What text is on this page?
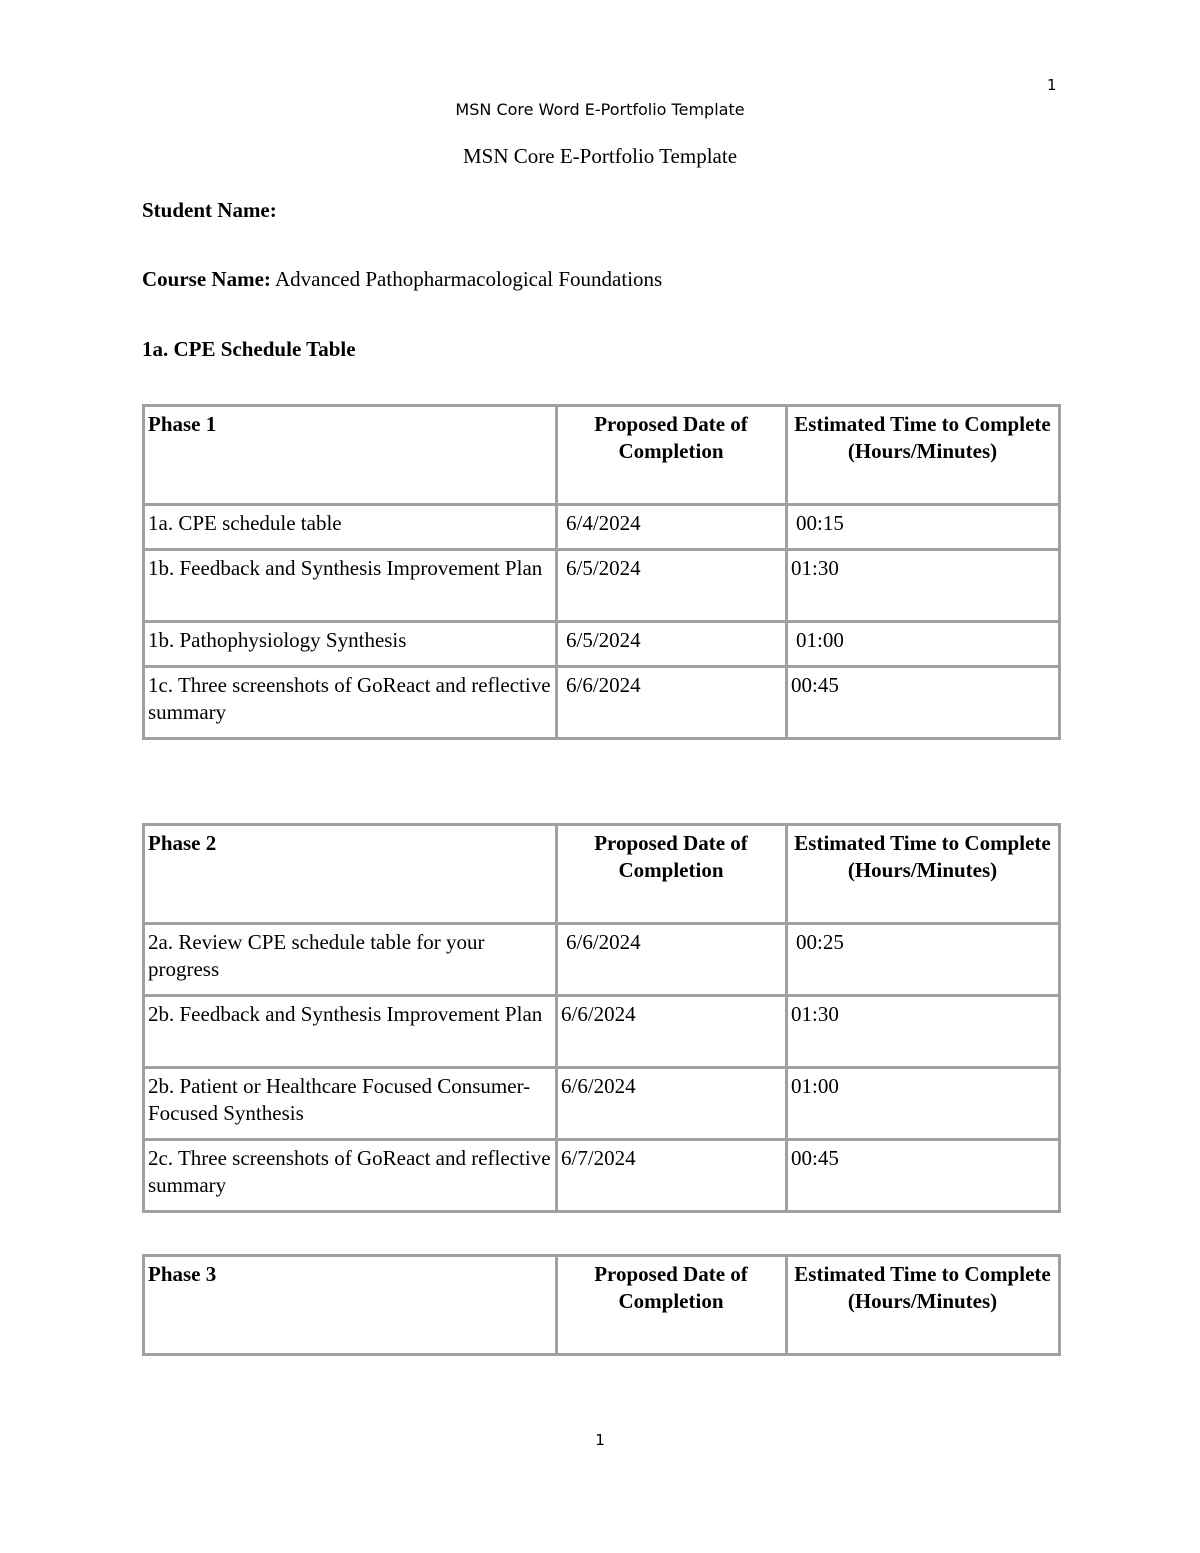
1
MSN Core Word E-Portfolio Template
MSN Core E-Portfolio Template
Student Name:
Course Name: Advanced Pathopharmacological Foundations
1a. CPE Schedule Table
Phase 1	Proposed Date of Completion	Estimated Time to Complete
(Hours/Minutes)
1a. CPE schedule table	6/4/2024	00:15
1b. Feedback and Synthesis Improvement Plan	6/5/2024	01:30
1b. Pathophysiology Synthesis	6/5/2024	01:00
1c. Three screenshots of GoReact and reflective summary	6/6/2024	00:45
Phase 2	Proposed Date of Completion	Estimated Time to Complete
(Hours/Minutes)
2a. Review CPE schedule table for your progress	6/6/2024	00:25
2b. Feedback and Synthesis Improvement Plan	6/6/2024	01:30
2b. Patient or Healthcare Focused Consumer-Focused Synthesis	6/6/2024	01:00
2c. Three screenshots of GoReact and reflective summary	6/7/2024	00:45
Phase 3	Proposed Date of Completion	Estimated Time to Complete
(Hours/Minutes)
1
